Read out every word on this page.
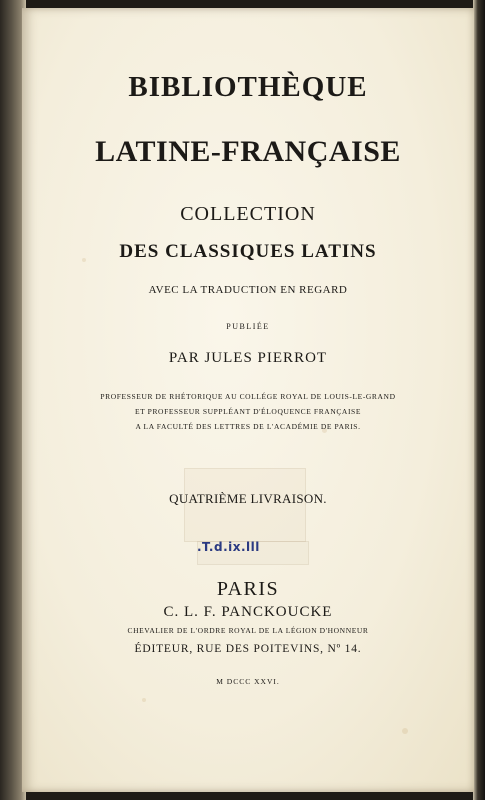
BIBLIOTHÈQUE
LATINE-FRANÇAISE
COLLECTION
DES CLASSIQUES LATINS
AVEC LA TRADUCTION EN REGARD
PUBLIÉE
PAR JULES PIERROT
PROFESSEUR DE RHÉTORIQUE AU COLLÉGE ROYAL DE LOUIS-LE-GRAND
ET PROFESSEUR SUPPLÉANT D'ÉLOQUENCE FRANÇAISE
A LA FACULTÉ DES LETTRES DE L'ACADÉMIE DE PARIS.
QUATRIÈME LIVRAISON.
.T.d.ix.lll
PARIS
C. L. F. PANCKOUCKE
CHEVALIER DE L'ORDRE ROYAL DE LA LÉGION D'HONNEUR
ÉDITEUR, RUE DES POITEVINS, Nº 14.
M DCCC XXVI.
